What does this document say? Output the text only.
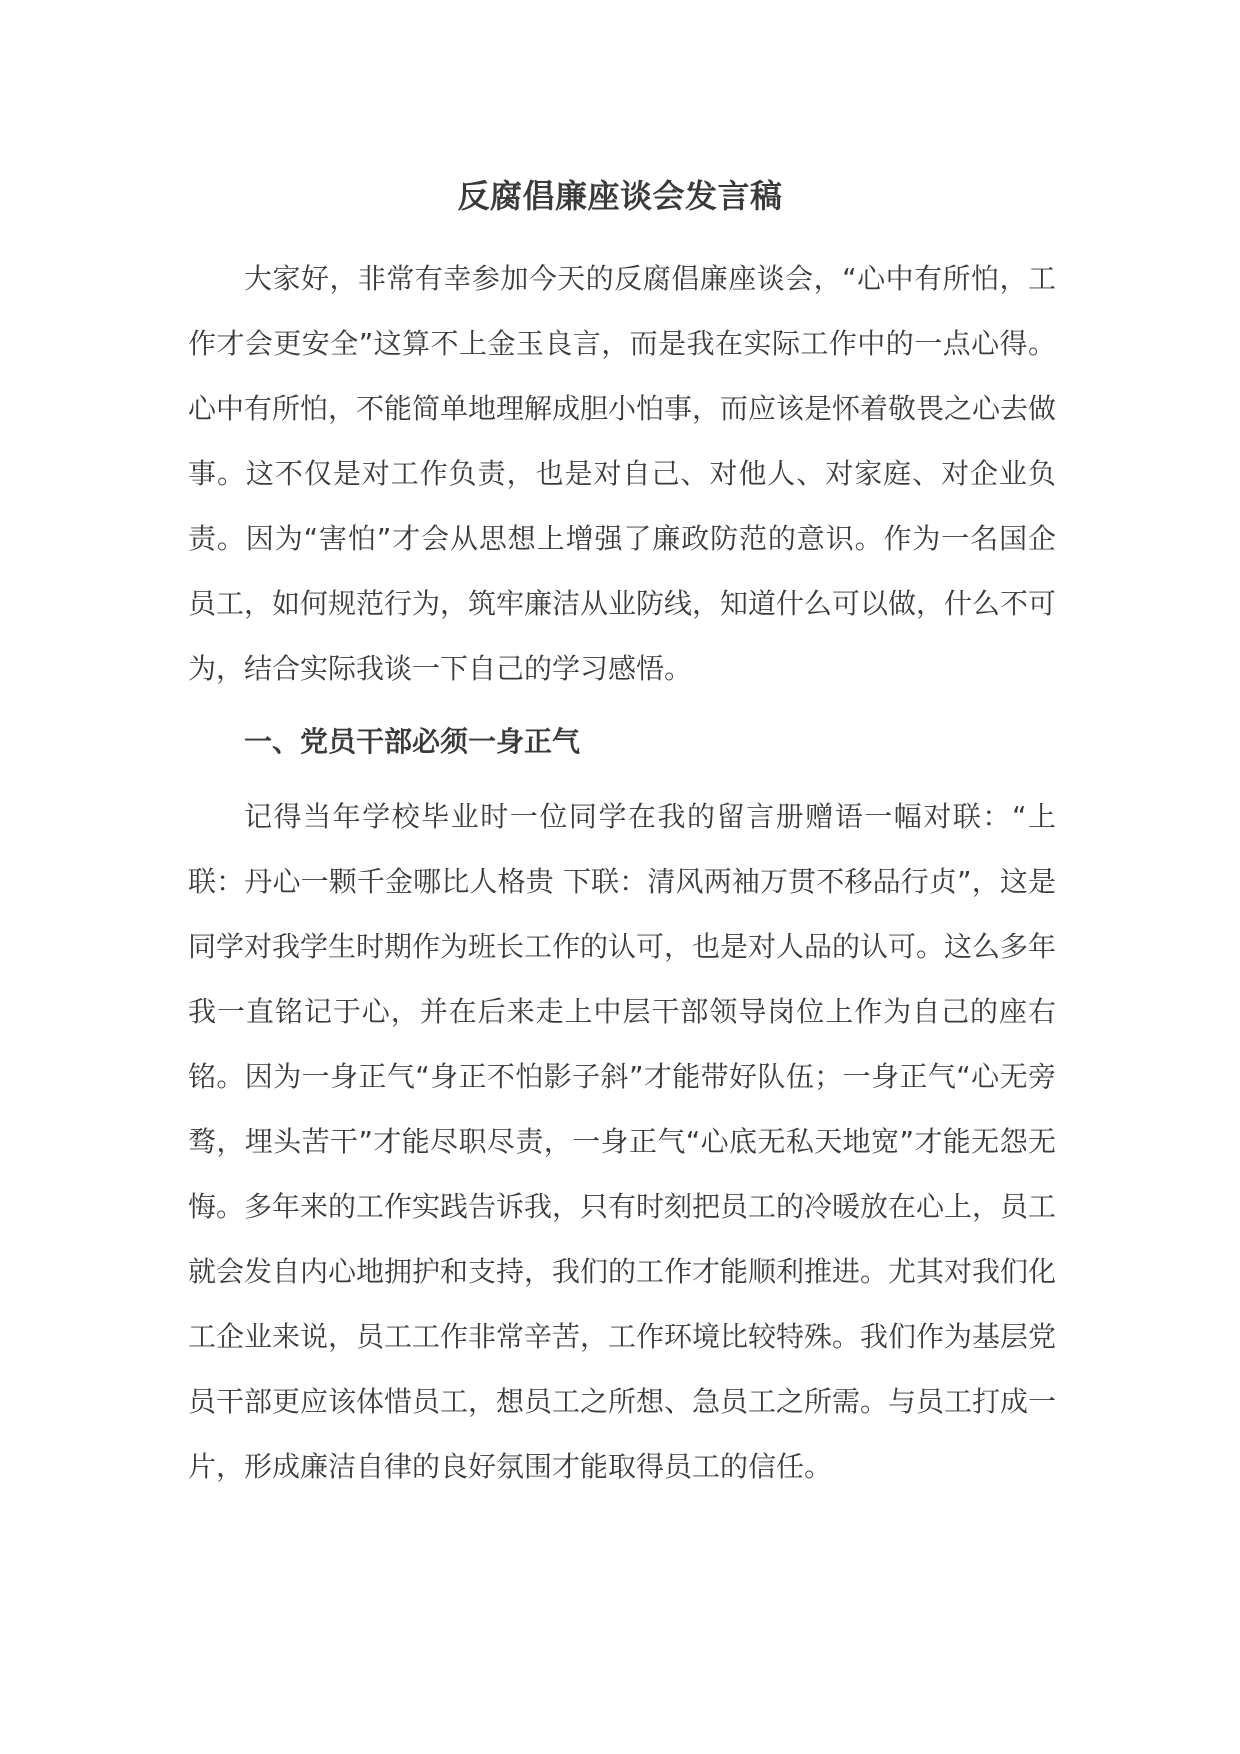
反腐倡廉座谈会发言稿

大家好，非常有幸参加今天的反腐倡廉座谈会，“心中有所怕，工作才会更安全”这算不上金玉良言，而是我在实际工作中的一点心得。心中有所怕，不能简单地理解成胆小怕事，而应该是怀着敬畏之心去做事。这不仅是对工作负责，也是对自己、对他人、对家庭、对企业负责。因为“害怕”才会从思想上增强了廉政防范的意识。作为一名国企员工，如何规范行为，筑牢廉洁从业防线，知道什么可以做，什么不可为，结合实际我谈一下自己的学习感悟。

一、党员干部必须一身正气

记得当年学校毕业时一位同学在我的留言册赠语一幅对联：“上联：丹心一颗千金哪比人格贵 下联：清风两袖万贯不移品行贞”，这是同学对我学生时期作为班长工作的认可，也是对人品的认可。这么多年我一直铭记于心，并在后来走上中层干部领导岗位上作为自己的座右铭。因为一身正气“身正不怕影子斜”才能带好队伍；一身正气“心无旁骛，埋头苦干”才能尽职尽责，一身正气“心底无私天地宽”才能无怨无悔。多年来的工作实践告诉我，只有时刻把员工的冷暖放在心上，员工就会发自内心地拥护和支持，我们的工作才能顺利推进。尤其对我们化工企业来说，员工工作非常辛苦，工作环境比较特殊。我们作为基层党员干部更应该体惜员工，想员工之所想、急员工之所需。与员工打成一片，形成廉洁自律的良好氛围才能取得员工的信任。
